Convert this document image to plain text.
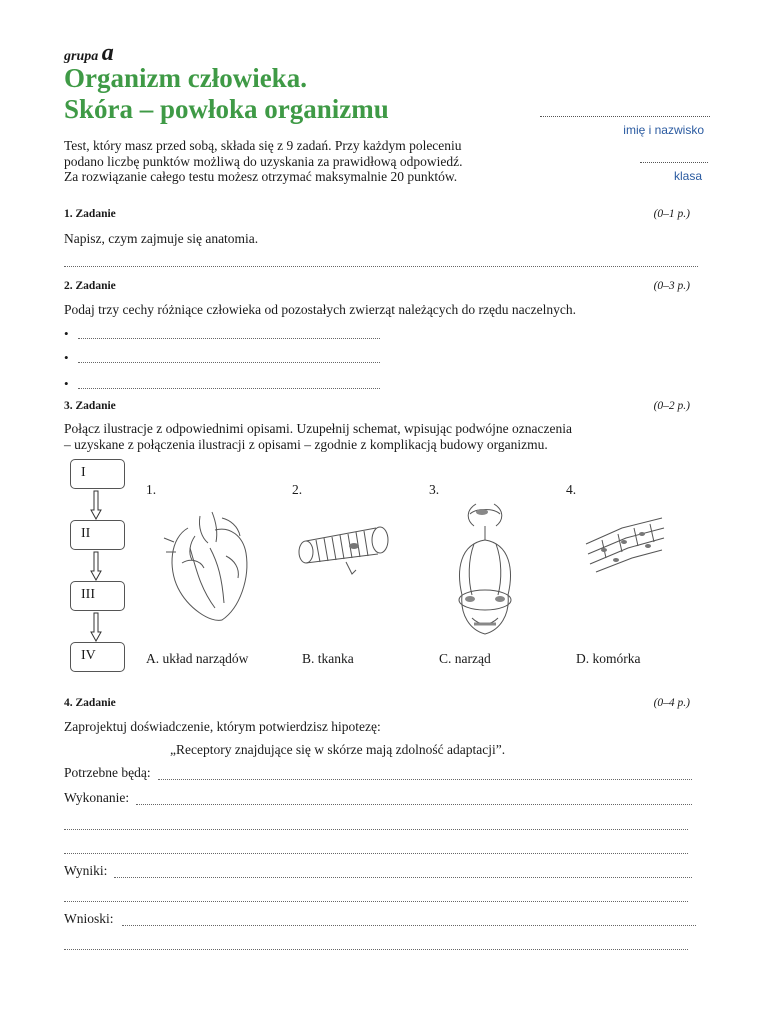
grupa a
Organizm człowieka.
Skóra – powłoka organizmu
imię i nazwisko
klasa
Test, który masz przed sobą, składa się z 9 zadań. Przy każdym poleceniu
podano liczbę punktów możliwą do uzyskania za prawidłową odpowiedź.
Za rozwiązanie całego testu możesz otrzymać maksymalnie 20 punktów.
1. Zadanie	(0–1 p.)
Napisz, czym zajmuje się anatomia.
2. Zadanie	(0–3 p.)
Podaj trzy cechy różniące człowieka od pozostałych zwierząt należących do rzędu naczelnych.
•
•
•
3. Zadanie	(0–2 p.)
Połącz ilustracje z odpowiednimi opisami. Uzupełnij schemat, wpisując podwójne oznaczenia
– uzyskane z połączenia ilustracji z opisami – zgodnie z komplikacją budowy organizmu.
I
II
III
IV
1.	2.	3.	4.
A. układ narządów	B. tkanka	C. narząd	D. komórka
4. Zadanie	(0–4 p.)
Zaprojektuj doświadczenie, którym potwierdzisz hipotezę:
„Receptory znajdujące się w skórze mają zdolność adaptacji”.
Potrzebne będą:
Wykonanie:
Wyniki:
Wnioski:
